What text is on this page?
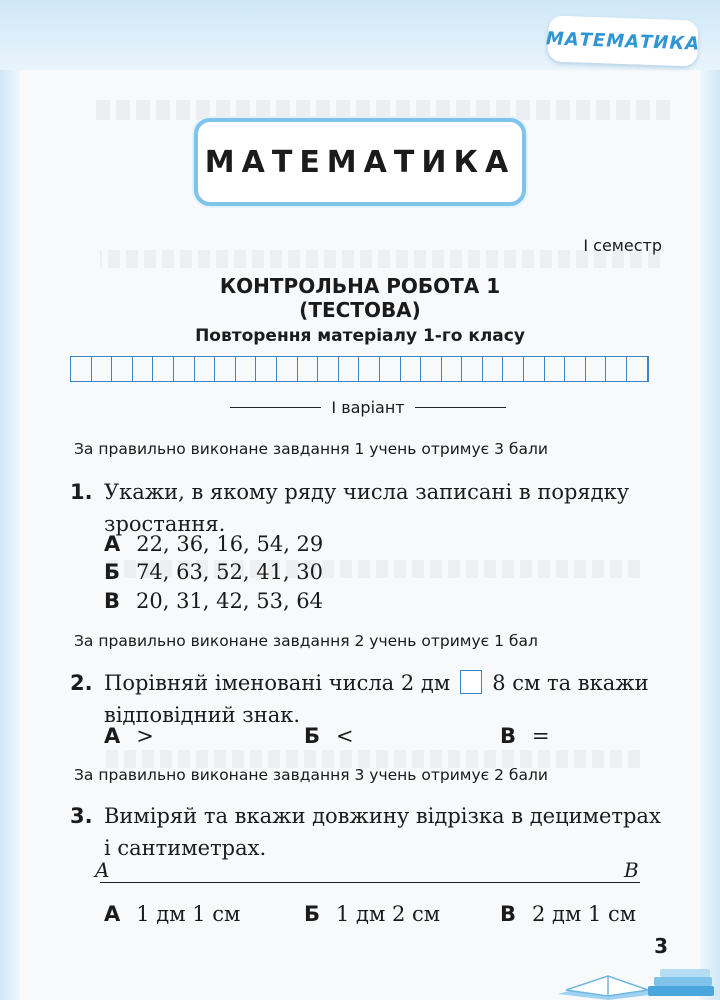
МАТЕМАТИКА
МАТЕМАТИКА
І семестр
КОНТРОЛЬНА РОБОТА 1
(ТЕСТОВА)
Повторення матеріалу 1-го класу
І варіант
За правильно виконане завдання 1 учень отримує 3 бали
1. Укажи, в якому ряду числа записані в порядку
зростання.
А 22, 36, 16, 54, 29
Б 74, 63, 52, 41, 30
В 20, 31, 42, 53, 64
За правильно виконане завдання 2 учень отримує 1 бал
2. Порівняй іменовані числа 2 дм 8 см та вкажи
відповідний знак.
А >	Б <	В =
За правильно виконане завдання 3 учень отримує 2 бали
3. Виміряй та вкажи довжину відрізка в дециметрах
і сантиметрах.
A	B
А 1 дм 1 см	Б 1 дм 2 см	В 2 дм 1 см
3
